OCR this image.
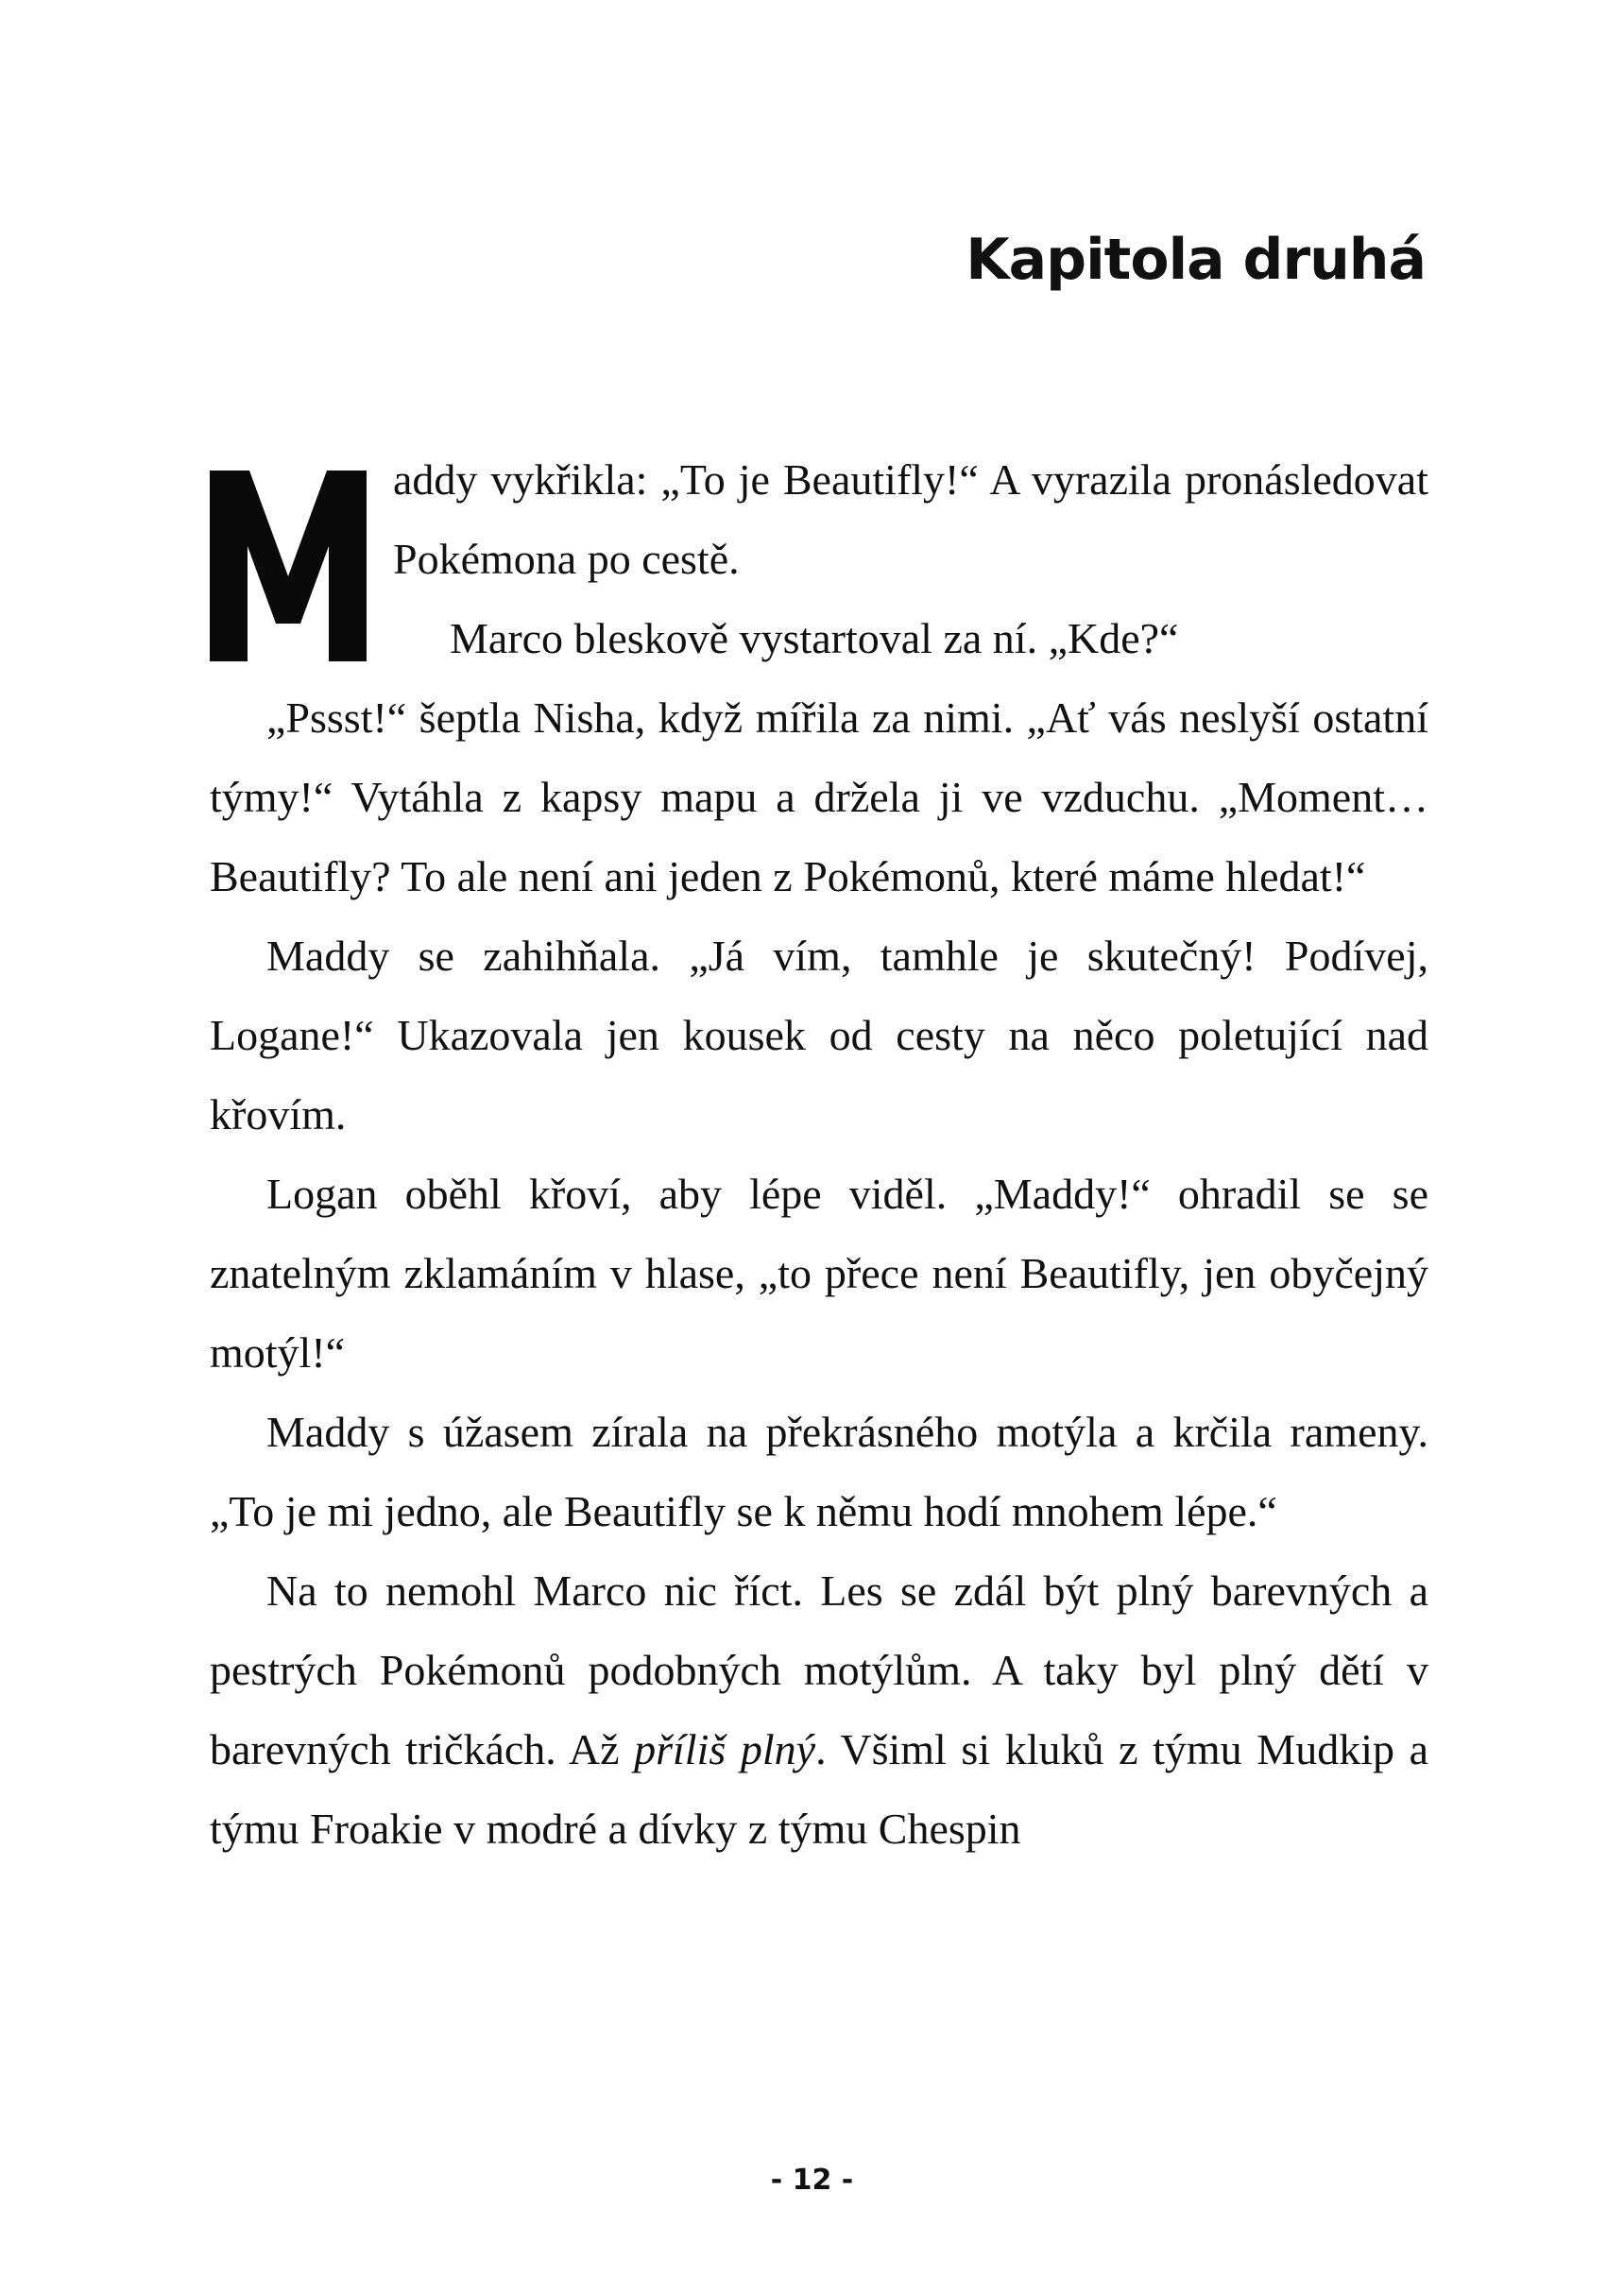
Kapitola druhá

addy vykřikla: „To je Beautifly!“ A vyrazila pronásledovat Pokémona po cestě.

Marco bleskově vystartoval za ní. „Kde?“

„Pssst!“ šeptla Nisha, když mířila za nimi. „Ať vás neslyší ostatní týmy!“ Vytáhla z kapsy mapu a držela ji ve vzduchu. „Moment… Beautifly? To ale není ani jeden z Pokémonů, které máme hledat!“

Maddy se zahihňala. „Já vím, tamhle je skutečný! Podívej, Logane!“ Ukazovala jen kousek od cesty na něco poletující nad křovím.

Logan oběhl křoví, aby lépe viděl. „Maddy!“ ohradil se se znatelným zklamáním v hlase, „to přece není Beautifly, jen obyčejný motýl!“

Maddy s úžasem zírala na překrásného motýla a krčila rameny. „To je mi jedno, ale Beautifly se k němu hodí mnohem lépe.“

Na to nemohl Marco nic říct. Les se zdál být plný barevných a pestrých Pokémonů podobných motýlům. A taky byl plný dětí v barevných tričkách. Až příliš plný. Všiml si kluků z týmu Mudkip a týmu Froakie v modré a dívky z týmu Chespin

- 12 -
